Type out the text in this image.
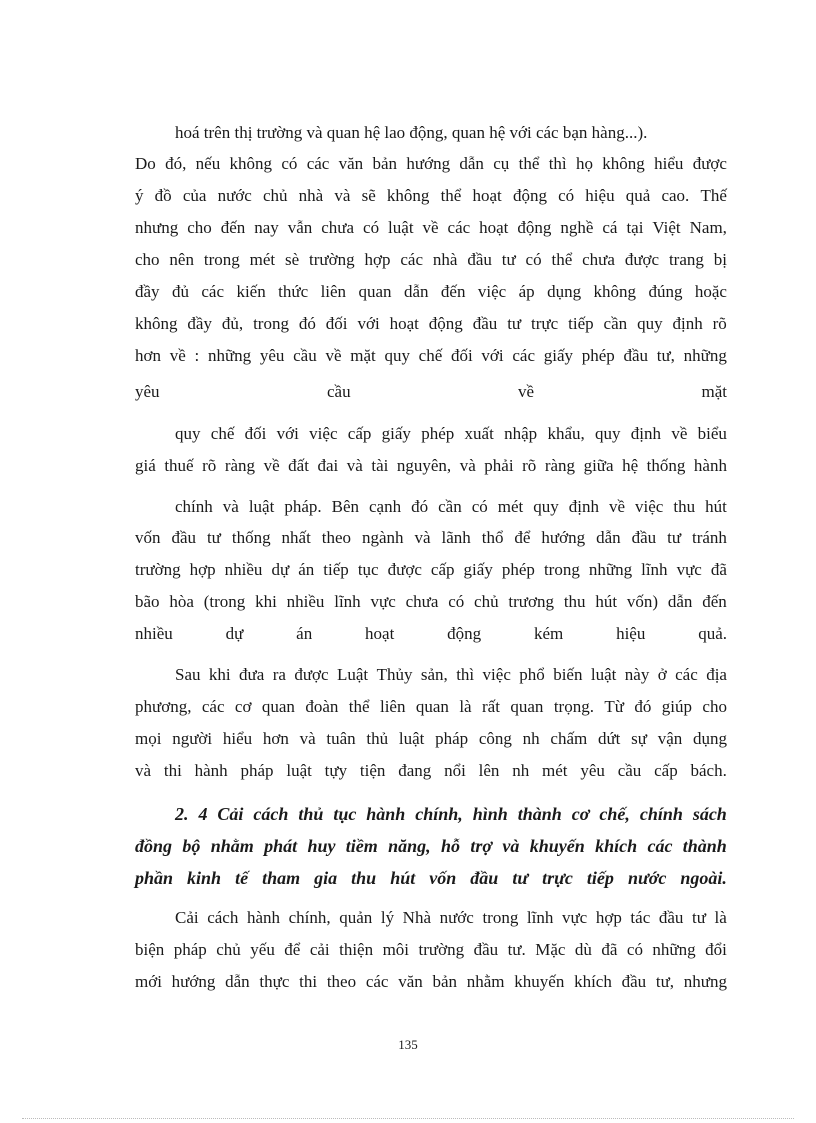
hoá trên thị trường và quan hệ lao động, quan hệ với các bạn hàng...).
Do đó, nếu không có các văn bản hướng dẫn cụ thể thì họ không hiểu được
ý đồ của nước chủ nhà và sẽ không thể hoạt động có hiệu quả cao. Thế
nhưng cho đến nay vẫn chưa có luật về các hoạt động nghề cá tại Việt Nam,
cho nên trong mét sè trường hợp các nhà đầu tư có thể chưa được trang bị
đầy đủ các kiến thức liên quan dẫn đến việc áp dụng không đúng hoặc
không đầy đủ, trong đó đối với hoạt động đầu tư trực tiếp cần quy định rõ
hơn về : những yêu cầu về mặt quy chế đối với các giấy phép đầu tư, những
yêu	cầu	về	mặt
quy chế đối với việc cấp giấy phép xuất nhập khẩu, quy định về biểu
giá thuế rõ ràng về đất đai và tài nguyên, và phải rõ ràng giữa hệ thống hành
chính và luật pháp. Bên cạnh đó cần có mét quy định về việc thu hút
vốn đầu tư thống nhất theo ngành và lãnh thổ để hướng dẫn đầu tư tránh
trường hợp nhiều dự án tiếp tục được cấp giấy phép trong những lĩnh vực đã
bão hòa (trong khi nhiều lĩnh vực chưa có chủ trương thu hút vốn) dẫn đến
nhiều	dự	án	hoạt	động	kém	hiệu	quả.
Sau khi đưa ra được Luật Thủy sản, thì việc phổ biến luật này ở các địa
phương, các cơ quan đoàn thể liên quan là rất quan trọng. Từ đó giúp cho
mọi người hiểu hơn và tuân thủ luật pháp công nh chấm dứt sự vận dụng
và thi hành pháp luật tựy tiện đang nổi lên nh mét yêu cầu cấp bách.
2. 4 Cải cách thủ tục hành chính, hình thành cơ chế, chính sách
đồng bộ nhằm phát huy tiềm năng, hỗ trợ và khuyến khích các thành
phần kinh tế tham gia thu hút vốn đầu tư trực tiếp nước ngoài.
Cải cách hành chính, quản lý Nhà nước trong lĩnh vực hợp tác đầu tư là
biện pháp chủ yếu để cải thiện môi trường đầu tư. Mặc dù đã có những đổi
mới hướng dẫn thực thi theo các văn bản nhằm khuyến khích đầu tư, nhưng
135
